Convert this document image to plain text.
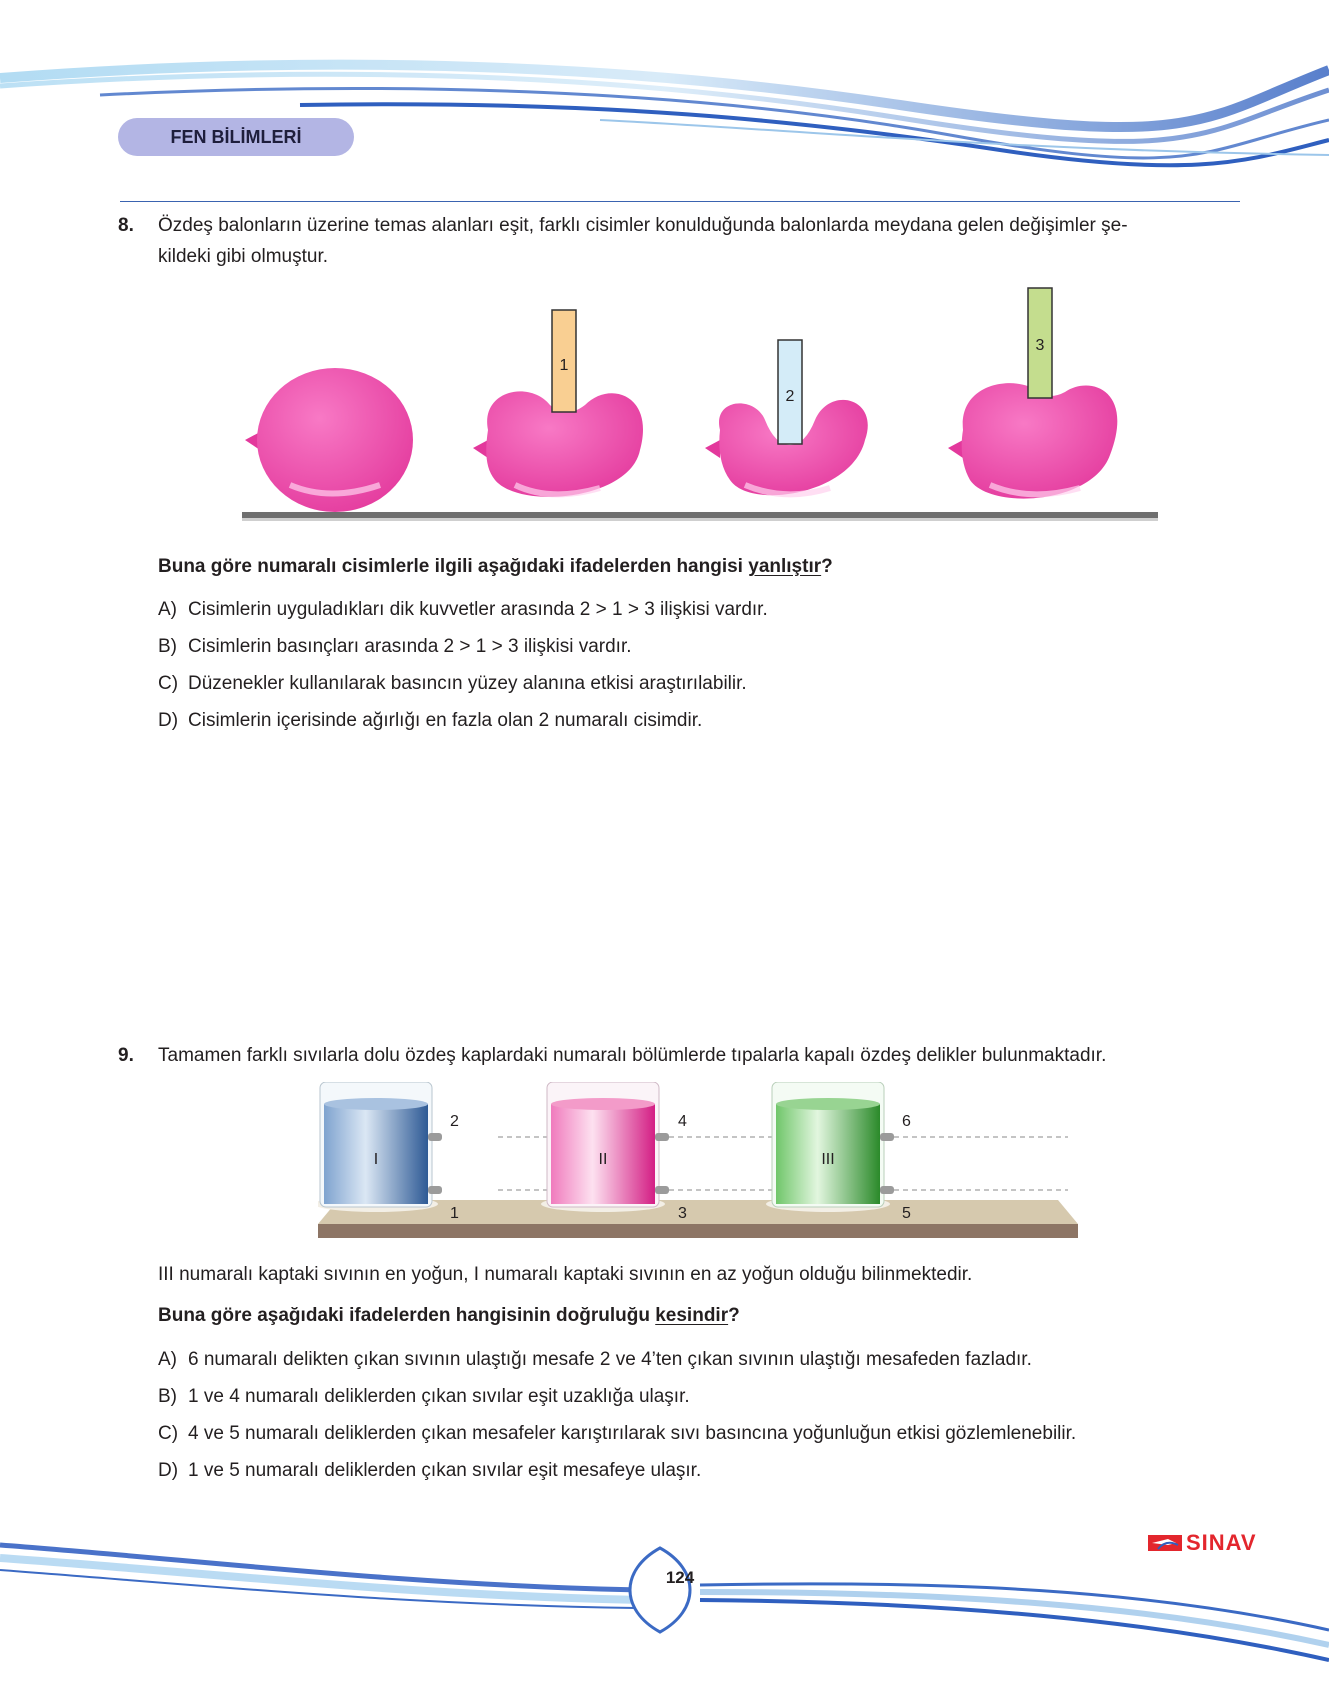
FEN BİLİMLERİ
8. Özdeş balonların üzerine temas alanları eşit, farklı cisimler konulduğunda balonlarda meydana gelen değişimler şe-
kildeki gibi olmuştur.
1
2
3
Buna göre numaralı cisimlerle ilgili aşağıdaki ifadelerden hangisi yanlıştır?
A) Cisimlerin uyguladıkları dik kuvvetler arasında 2 > 1 > 3 ilişkisi vardır.
B) Cisimlerin basınçları arasında 2 > 1 > 3 ilişkisi vardır.
C) Düzenekler kullanılarak basıncın yüzey alanına etkisi araştırılabilir.
D) Cisimlerin içerisinde ağırlığı en fazla olan 2 numaralı cisimdir.
9. Tamamen farklı sıvılarla dolu özdeş kaplardaki numaralı bölümlerde tıpalarla kapalı özdeş delikler bulunmaktadır.
I
2
1
II
4
3
III
6
5
III numaralı kaptaki sıvının en yoğun, I numaralı kaptaki sıvının en az yoğun olduğu bilinmektedir.
Buna göre aşağıdaki ifadelerden hangisinin doğruluğu kesindir?
A) 6 numaralı delikten çıkan sıvının ulaştığı mesafe 2 ve 4’ten çıkan sıvının ulaştığı mesafeden fazladır.
B) 1 ve 4 numaralı deliklerden çıkan sıvılar eşit uzaklığa ulaşır.
C) 4 ve 5 numaralı deliklerden çıkan mesafeler karıştırılarak sıvı basıncına yoğunluğun etkisi gözlemlenebilir.
D) 1 ve 5 numaralı deliklerden çıkan sıvılar eşit mesafeye ulaşır.
124
SINAV
